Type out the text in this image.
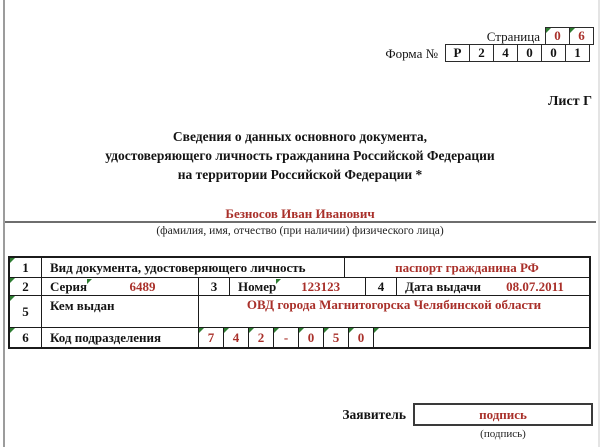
Страница 0 6
Форма № Р 2 4 0 0 1
Лист Г
Сведения о данных основного документа,
удостоверяющего личность гражданина Российской Федерации
на территории Российской Федерации *
Безносов Иван Иванович
(фамилия, имя, отчество (при наличии) физического лица)
1	Вид документа, удостоверяющего личность	паспорт гражданина РФ
2	Серия	6489	3	Номер	123123	4	Дата выдачи	08.07.2011
5	Кем выдан	ОВД города Магнитогорска Челябинской области
6	Код подразделения	7 4 2 - 0 5 0
Заявитель	подпись
(подпись)
